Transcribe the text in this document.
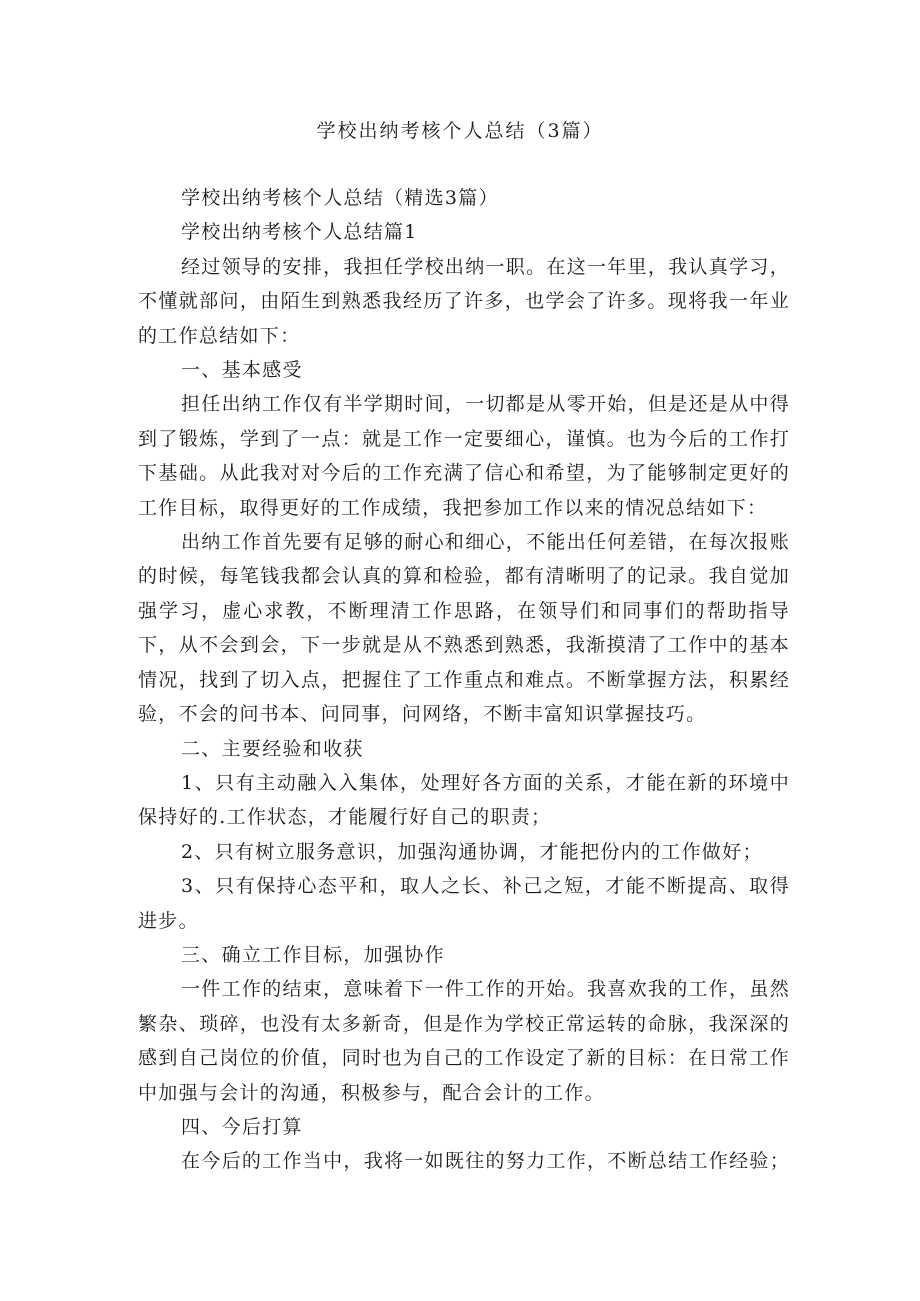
学校出纳考核个人总结（3篇）

学校出纳考核个人总结（精选3篇）

学校出纳考核个人总结篇1

经过领导的安排，我担任学校出纳一职。在这一年里，我认真学习，不懂就部问，由陌生到熟悉我经历了许多，也学会了许多。现将我一年业的工作总结如下：

一、基本感受

担任出纳工作仅有半学期时间，一切都是从零开始，但是还是从中得到了锻炼，学到了一点：就是工作一定要细心，谨慎。也为今后的工作打下基础。从此我对对今后的工作充满了信心和希望，为了能够制定更好的工作目标，取得更好的工作成绩，我把参加工作以来的情况总结如下：

出纳工作首先要有足够的耐心和细心，不能出任何差错，在每次报账的时候，每笔钱我都会认真的算和检验，都有清晰明了的记录。我自觉加强学习，虚心求教，不断理清工作思路，在领导们和同事们的帮助指导下，从不会到会，下一步就是从不熟悉到熟悉，我渐摸清了工作中的基本情况，找到了切入点，把握住了工作重点和难点。不断掌握方法，积累经验，不会的问书本、问同事，问网络，不断丰富知识掌握技巧。

二、主要经验和收获

1、只有主动融入入集体，处理好各方面的关系，才能在新的环境中保持好的.工作状态，才能履行好自己的职责；

2、只有树立服务意识，加强沟通协调，才能把份内的工作做好；

3、只有保持心态平和，取人之长、补己之短，才能不断提高、取得进步。

三、确立工作目标，加强协作

一件工作的结束，意味着下一件工作的开始。我喜欢我的工作，虽然繁杂、琐碎，也没有太多新奇，但是作为学校正常运转的命脉，我深深的感到自己岗位的价值，同时也为自己的工作设定了新的目标：在日常工作中加强与会计的沟通，积极参与，配合会计的工作。

四、今后打算

在今后的工作当中，我将一如既往的努力工作，不断总结工作经验；
